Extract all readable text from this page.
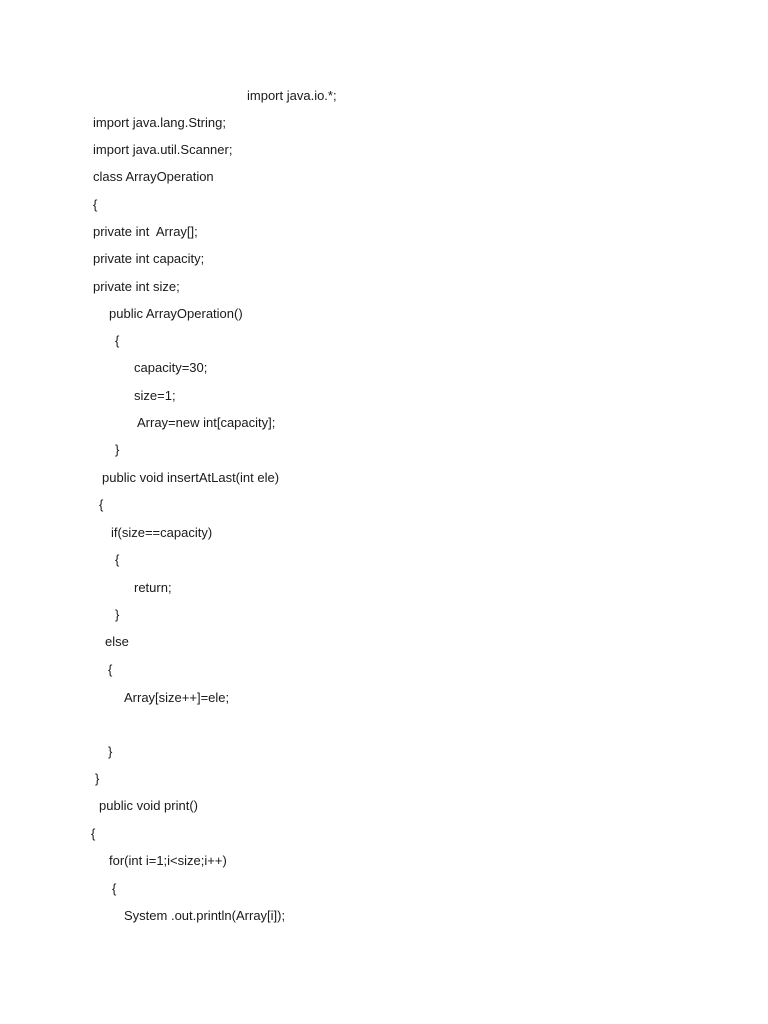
import java.io.*;

import java.lang.String;

import java.util.Scanner;

class ArrayOperation

{

private int  Array[];

private int capacity;

private int size;

public ArrayOperation()

{

capacity=30;

size=1;

Array=new int[capacity];

}

public void insertAtLast(int ele)

{

if(size==capacity)

{

return;

}

else

{

Array[size++]=ele;

}

}

public void print()

{

for(int i=1;i<size;i++)

{

System .out.println(Array[i]);
